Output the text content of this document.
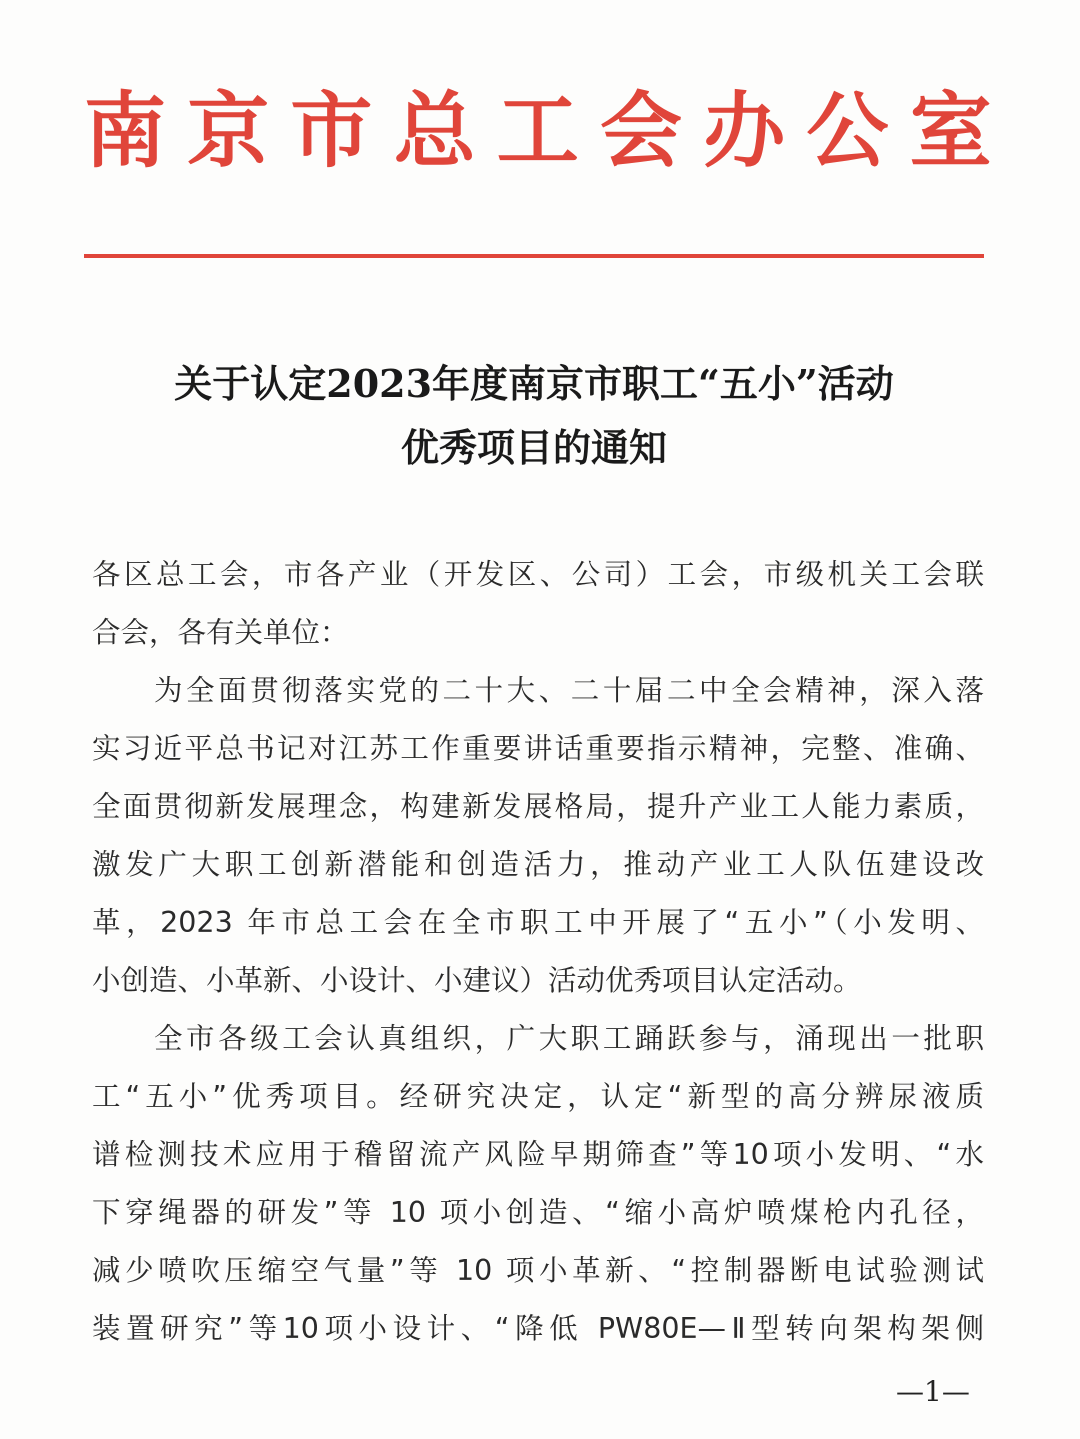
南京市总工会办公室
关于认定2023年度南京市职工“五小”活动
优秀项目的通知
各区总工会，市各产业（开发区、公司）工会，市级机关工会联
合会，各有关单位：
为全面贯彻落实党的二十大、二十届二中全会精神，深入落
实习近平总书记对江苏工作重要讲话重要指示精神，完整、准确、
全面贯彻新发展理念，构建新发展格局，提升产业工人能力素质，
激发广大职工创新潜能和创造活力，推动产业工人队伍建设改
革，2023 年市总工会在全市职工中开展了“五小”（小发明、
小创造、小革新、小设计、小建议）活动优秀项目认定活动。
全市各级工会认真组织，广大职工踊跃参与，涌现出一批职
工“五小”优秀项目。经研究决定，认定“新型的高分辨尿液质
谱检测技术应用于稽留流产风险早期筛查”等10项小发明、“水
下穿绳器的研发”等 10 项小创造、“缩小高炉喷煤枪内孔径，
减少喷吹压缩空气量”等 10 项小革新、“控制器断电试验测试
装置研究”等10项小设计、“降低 PW80E—Ⅱ型转向架构架侧
—1—
